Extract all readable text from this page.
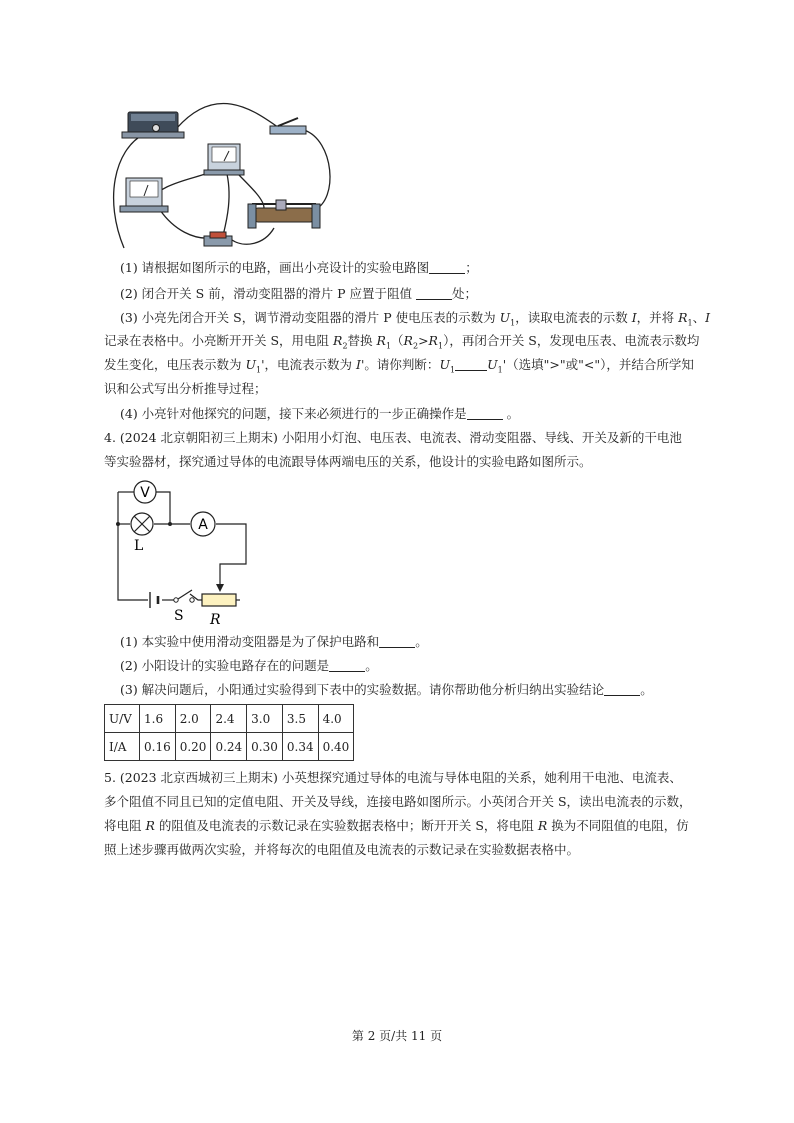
(1) 请根据如图所示的电路，画出小亮设计的实验电路图	；
(2) 闭合开关 S 前，滑动变阻器的滑片 P 应置于阻值	处；
(3) 小亮先闭合开关 S，调节滑动变阻器的滑片 P 使电压表的示数为 $U_1$，读取电流表的示数 I，并将 $R_1$、I
记录在表格中。小亮断开开关 S，用电阻 $R_2$替换 $R_1(R_2>R_1)$，再闭合开关 S，发现电压表、电流表示数均
发生变化，电压表示数为 $U_1'$，电流表示数为 I'。请你判断：$U_1$	$U_1'$（选填">"或"<"），并结合所学知
识和公式写出分析推导过程；
(4) 小亮针对他探究的问题，接下来必须进行的一步正确操作是	。
4. (2024 北京朝阳初三上期末) 小阳用小灯泡、电压表、电流表、滑动变阻器、导线、开关及新的干电池
等实验器材，探究通过导体的电流跟导体两端电压的关系，他设计的实验电路如图所示。
V
L
A
S R
(1) 本实验中使用滑动变阻器是为了保护电路和	。
(2) 小阳设计的实验电路存在的问题是	。
(3) 解决问题后，小阳通过实验得到下表中的实验数据。请你帮助他分析归纳出实验结论	。
U/V	1.6	2.0	2.4	3.0	3.5	4.0
I/A	0.16	0.20	0.24	0.30	0.34	0.40
5. (2023 北京西城初三上期末) 小英想探究通过导体的电流与导体电阻的关系，她利用干电池、电流表、
多个阻值不同且已知的定值电阻、开关及导线，连接电路如图所示。小英闭合开关 S，读出电流表的示数，
将电阻 R 的阻值及电流表的示数记录在实验数据表格中；断开开关 S，将电阻 R 换为不同阻值的电阻，仿
照上述步骤再做两次实验，并将每次的电阻值及电流表的示数记录在实验数据表格中。
第 2 页/共 11 页
